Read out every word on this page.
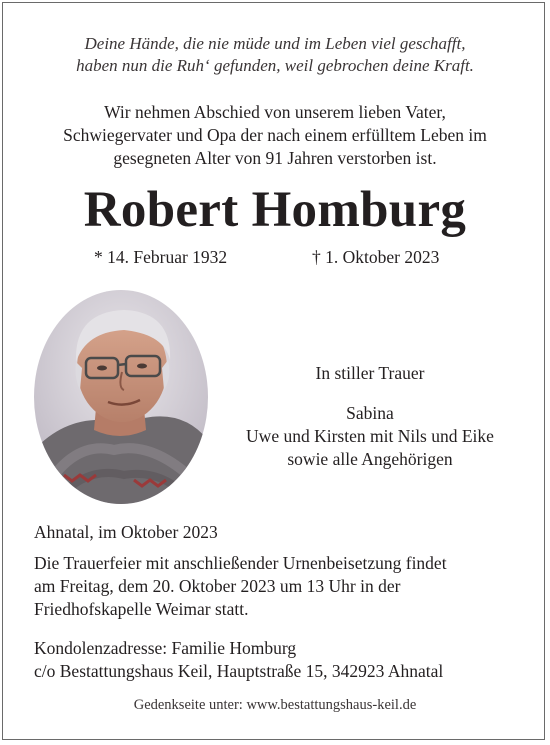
Deine Hände, die nie müde und im Leben viel geschafft,
haben nun die Ruh‘ gefunden, weil gebrochen deine Kraft.
Wir nehmen Abschied von unserem lieben Vater,
Schwiegervater und Opa der nach einem erfülltem Leben im
gesegneten Alter von 91 Jahren verstorben ist.
Robert Homburg
* 14. Februar 1932	† 1. Oktober 2023
In stiller Trauer
Sabina
Uwe und Kirsten mit Nils und Eike
sowie alle Angehörigen
Ahnatal, im Oktober 2023
Die Trauerfeier mit anschließender Urnenbeisetzung findet
am Freitag, dem 20. Oktober 2023 um 13 Uhr in der
Friedhofskapelle Weimar statt.
Kondolenzadresse: Familie Homburg
c/o Bestattungshaus Keil, Hauptstraße 15, 342923 Ahnatal
Gedenkseite unter: www.bestattungshaus-keil.de
